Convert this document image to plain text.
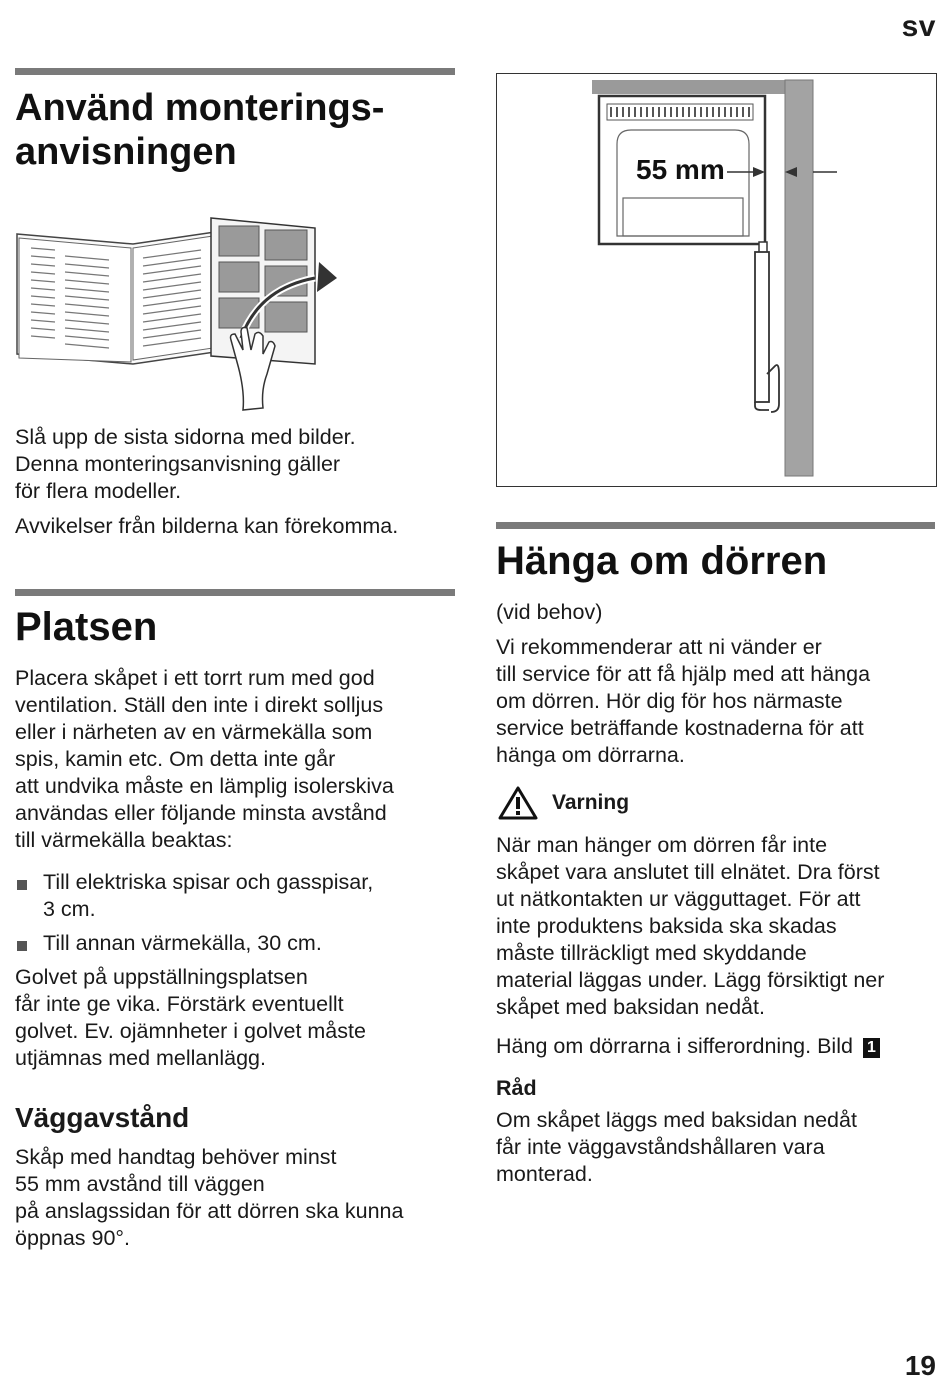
sv
19
Använd monterings-
anvisningen

Slå upp de sista sidorna med bilder.
Denna monteringsanvisning gäller
för flera modeller.

Avvikelser från bilderna kan förekomma.

Platsen

Placera skåpet i ett torrt rum med god
ventilation. Ställ den inte i direkt solljus
eller i närheten av en värmekälla som
spis, kamin etc. Om detta inte går
att undvika måste en lämplig isolerskiva
användas eller följande minsta avstånd
till värmekälla beaktas:

Till elektriska spisar och gasspisar,
3 cm.
Till annan värmekälla, 30 cm.

Golvet på uppställningsplatsen
får inte ge vika. Förstärk eventuellt
golvet. Ev. ojämnheter i golvet måste
utjämnas med mellanlägg.

Väggavstånd

Skåp med handtag behöver minst
55 mm avstånd till väggen
på anslagssidan för att dörren ska kunna
öppnas 90°.

55 mm
Hänga om dörren

(vid behov)

Vi rekommenderar att ni vänder er
till service för att få hjälp med att hänga
om dörren. Hör dig för hos närmaste
service beträffande kostnaderna för att
hänga om dörrarna.

Varning

När man hänger om dörren får inte
skåpet vara anslutet till elnätet. Dra först
ut nätkontakten ur vägguttaget. För att
inte produktens baksida ska skadas
måste tillräckligt med skyddande
material läggas under. Lägg försiktigt ner
skåpet med baksidan nedåt.

Häng om dörrarna i sifferordning. Bild 1

Råd

Om skåpet läggs med baksidan nedåt
får inte väggavståndshållaren vara
monterad.
